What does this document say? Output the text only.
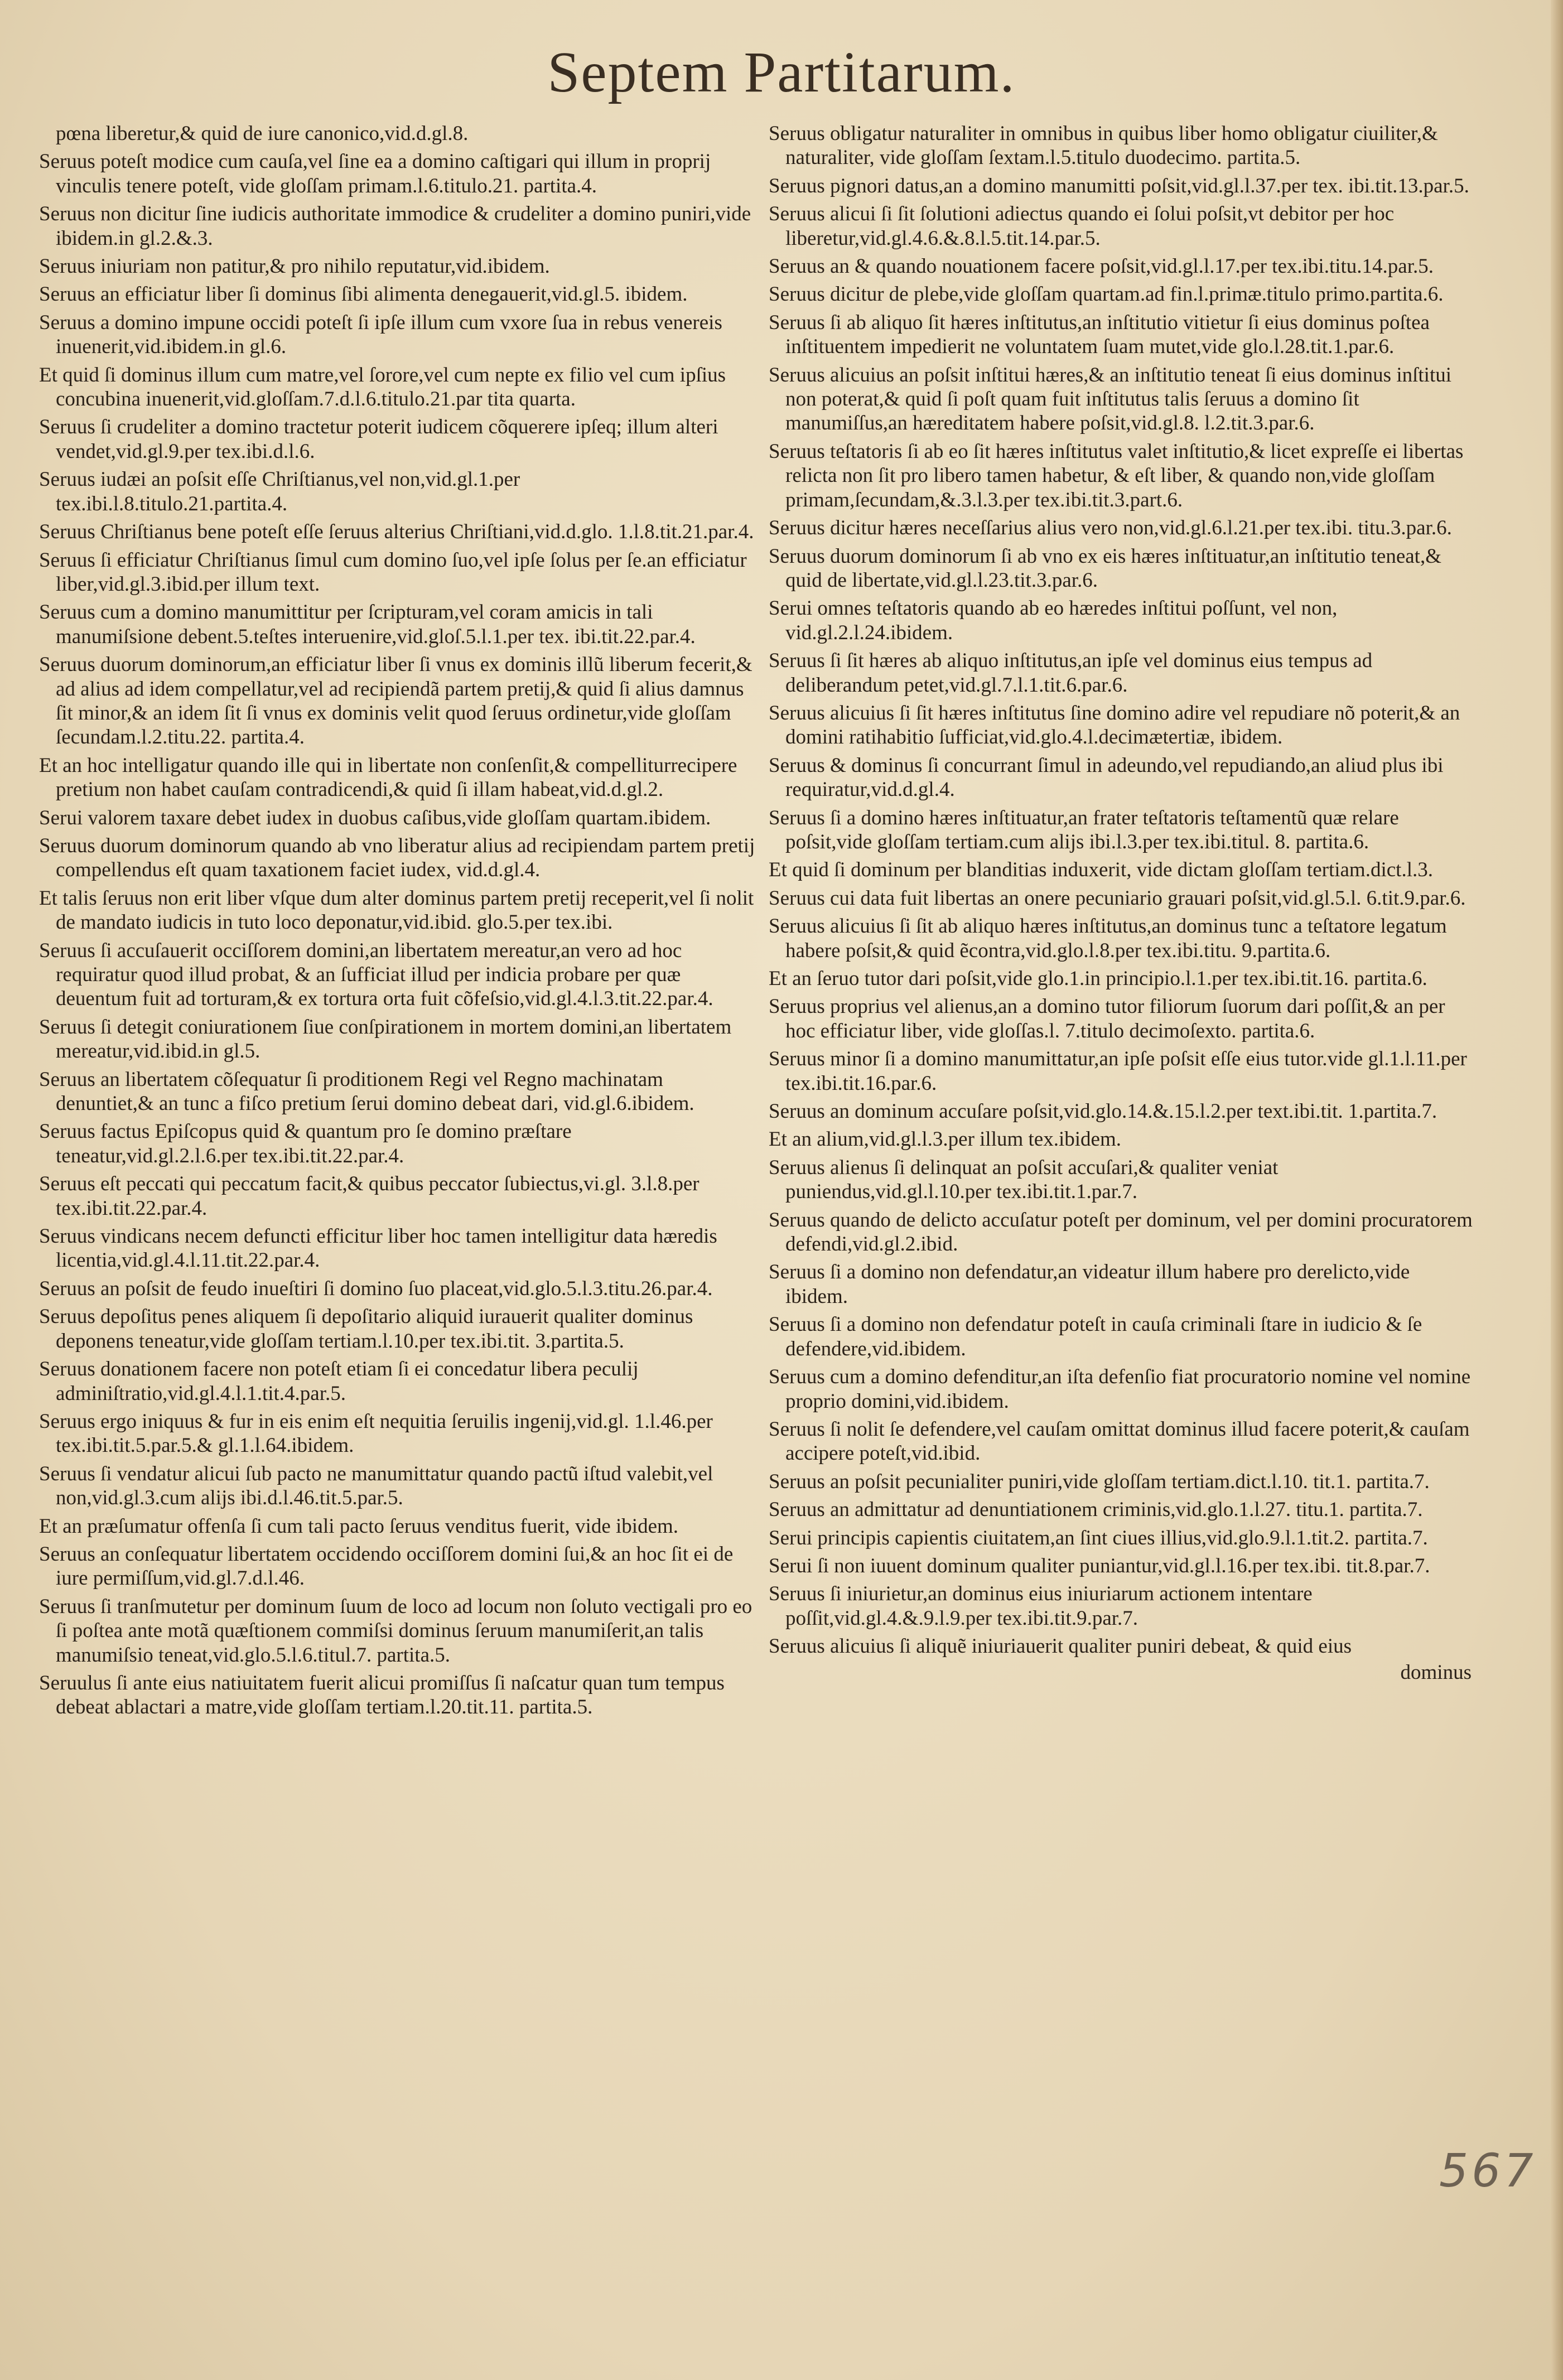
Septem Partitarum.
pœna liberetur,& quid de iure canonico,vid.d.gl.8.
Seruus poteſt modice cum cauſa,vel ſine ea a domino caſtigari qui illum in proprij vinculis tenere poteſt, vide gloſſam primam.l.6.titulo.21. partita.4.
Seruus non dicitur ſine iudicis authoritate immodice & crudeliter a domino puniri,vide ibidem.in gl.2.&.3.
Seruus iniuriam non patitur,& pro nihilo reputatur,vid.ibidem.
Seruus an efficiatur liber ſi dominus ſibi alimenta denegauerit,vid.gl.5. ibidem.
Seruus a domino impune occidi poteſt ſi ipſe illum cum vxore ſua in rebus venereis inuenerit,vid.ibidem.in gl.6.
Et quid ſi dominus illum cum matre,vel ſorore,vel cum nepte ex filio vel cum ipſius concubina inuenerit,vid.gloſſam.7.d.l.6.titulo.21.par tita quarta.
Seruus ſi crudeliter a domino tractetur poterit iudicem cõquerere ipſeq; illum alteri vendet,vid.gl.9.per tex.ibi.d.l.6.
Seruus iudæi an poſsit eſſe Chriſtianus,vel non,vid.gl.1.per tex.ibi.l.8.titulo.21.partita.4.
Seruus Chriſtianus bene poteſt eſſe ſeruus alterius Chriſtiani,vid.d.glo. 1.l.8.tit.21.par.4.
Seruus ſi efficiatur Chriſtianus ſimul cum domino ſuo,vel ipſe ſolus per ſe.an efficiatur liber,vid.gl.3.ibid.per illum text.
Seruus cum a domino manumittitur per ſcripturam,vel coram amicis in tali manumiſsione debent.5.teſtes interuenire,vid.gloſ.5.l.1.per tex. ibi.tit.22.par.4.
Seruus duorum dominorum,an efficiatur liber ſi vnus ex dominis illũ liberum fecerit,& ad alius ad idem compellatur,vel ad recipiendã partem pretij,& quid ſi alius damnus ſit minor,& an idem ſit ſi vnus ex dominis velit quod ſeruus ordinetur,vide gloſſam ſecundam.l.2.titu.22. partita.4.
Et an hoc intelligatur quando ille qui in libertate non conſenſit,& compelliturrecipere pretium non habet cauſam contradicendi,& quid ſi illam habeat,vid.d.gl.2.
Serui valorem taxare debet iudex in duobus caſibus,vide gloſſam quartam.ibidem.
Seruus duorum dominorum quando ab vno liberatur alius ad recipiendam partem pretij compellendus eſt quam taxationem faciet iudex, vid.d.gl.4.
Et talis ſeruus non erit liber vſque dum alter dominus partem pretij receperit,vel ſi nolit de mandato iudicis in tuto loco deponatur,vid.ibid. glo.5.per tex.ibi.
Seruus ſi accuſauerit occiſſorem domini,an libertatem mereatur,an vero ad hoc requiratur quod illud probat, & an ſufficiat illud per indicia probare per quæ deuentum fuit ad torturam,& ex tortura orta fuit cõfeſsio,vid.gl.4.l.3.tit.22.par.4.
Seruus ſi detegit coniurationem ſiue conſpirationem in mortem domini,an libertatem mereatur,vid.ibid.in gl.5.
Seruus an libertatem cõſequatur ſi proditionem Regi vel Regno machinatam denuntiet,& an tunc a fiſco pretium ſerui domino debeat dari, vid.gl.6.ibidem.
Seruus factus Epiſcopus quid & quantum pro ſe domino præſtare teneatur,vid.gl.2.l.6.per tex.ibi.tit.22.par.4.
Seruus eſt peccati qui peccatum facit,& quibus peccator ſubiectus,vi.gl. 3.l.8.per tex.ibi.tit.22.par.4.
Seruus vindicans necem defuncti efficitur liber hoc tamen intelligitur data hæredis licentia,vid.gl.4.l.11.tit.22.par.4.
Seruus an poſsit de feudo inueſtiri ſi domino ſuo placeat,vid.glo.5.l.3.titu.26.par.4.
Seruus depoſitus penes aliquem ſi depoſitario aliquid iurauerit qualiter dominus deponens teneatur,vide gloſſam tertiam.l.10.per tex.ibi.tit. 3.partita.5.
Seruus donationem facere non poteſt etiam ſi ei concedatur libera peculij adminiſtratio,vid.gl.4.l.1.tit.4.par.5.
Seruus ergo iniquus & fur in eis enim eſt nequitia ſeruilis ingenij,vid.gl. 1.l.46.per tex.ibi.tit.5.par.5.& gl.1.l.64.ibidem.
Seruus ſi vendatur alicui ſub pacto ne manumittatur quando pactũ iſtud valebit,vel non,vid.gl.3.cum alijs ibi.d.l.46.tit.5.par.5.
Et an præſumatur offenſa ſi cum tali pacto ſeruus venditus fuerit, vide ibidem.
Seruus an conſequatur libertatem occidendo occiſſorem domini ſui,& an hoc ſit ei de iure permiſſum,vid.gl.7.d.l.46.
Seruus ſi tranſmutetur per dominum ſuum de loco ad locum non ſoluto vectigali pro eo ſi poſtea ante motã quæſtionem commiſsi dominus ſeruum manumiſerit,an talis manumiſsio teneat,vid.glo.5.l.6.titul.7. partita.5.
Seruulus ſi ante eius natiuitatem fuerit alicui promiſſus ſi naſcatur quan tum tempus debeat ablactari a matre,vide gloſſam tertiam.l.20.tit.11. partita.5.
Seruus obligatur naturaliter in omnibus in quibus liber homo obligatur ciuiliter,& naturaliter, vide gloſſam ſextam.l.5.titulo duodecimo. partita.5.
Seruus pignori datus,an a domino manumitti poſsit,vid.gl.l.37.per tex. ibi.tit.13.par.5.
Seruus alicui ſi ſit ſolutioni adiectus quando ei ſolui poſsit,vt debitor per hoc liberetur,vid.gl.4.6.&.8.l.5.tit.14.par.5.
Seruus an & quando nouationem facere poſsit,vid.gl.l.17.per tex.ibi.titu.14.par.5.
Seruus dicitur de plebe,vide gloſſam quartam.ad fin.l.primæ.titulo primo.partita.6.
Seruus ſi ab aliquo ſit hæres inſtitutus,an inſtitutio vitietur ſi eius dominus poſtea inſtituentem impedierit ne voluntatem ſuam mutet,vide glo.l.28.tit.1.par.6.
Seruus alicuius an poſsit inſtitui hæres,& an inſtitutio teneat ſi eius dominus inſtitui non poterat,& quid ſi poſt quam fuit inſtitutus talis ſeruus a domino ſit manumiſſus,an hæreditatem habere poſsit,vid.gl.8. l.2.tit.3.par.6.
Seruus teſtatoris ſi ab eo ſit hæres inſtitutus valet inſtitutio,& licet expreſſe ei libertas relicta non ſit pro libero tamen habetur, & eſt liber, & quando non,vide gloſſam primam,ſecundam,&.3.l.3.per tex.ibi.tit.3.part.6.
Seruus dicitur hæres neceſſarius alius vero non,vid.gl.6.l.21.per tex.ibi. titu.3.par.6.
Seruus duorum dominorum ſi ab vno ex eis hæres inſtituatur,an inſtitutio teneat,& quid de libertate,vid.gl.l.23.tit.3.par.6.
Serui omnes teſtatoris quando ab eo hæredes inſtitui poſſunt, vel non, vid.gl.2.l.24.ibidem.
Seruus ſi ſit hæres ab aliquo inſtitutus,an ipſe vel dominus eius tempus ad deliberandum petet,vid.gl.7.l.1.tit.6.par.6.
Seruus alicuius ſi ſit hæres inſtitutus ſine domino adire vel repudiare nõ poterit,& an domini ratihabitio ſufficiat,vid.glo.4.l.decimætertiæ, ibidem.
Seruus & dominus ſi concurrant ſimul in adeundo,vel repudiando,an aliud plus ibi requiratur,vid.d.gl.4.
Seruus ſi a domino hæres inſtituatur,an frater teſtatoris teſtamentũ quæ relare poſsit,vide gloſſam tertiam.cum alijs ibi.l.3.per tex.ibi.titul. 8. partita.6.
Et quid ſi dominum per blanditias induxerit, vide dictam gloſſam tertiam.dict.l.3.
Seruus cui data fuit libertas an onere pecuniario grauari poſsit,vid.gl.5.l. 6.tit.9.par.6.
Seruus alicuius ſi ſit ab aliquo hæres inſtitutus,an dominus tunc a teſtatore legatum habere poſsit,& quid ẽcontra,vid.glo.l.8.per tex.ibi.titu. 9.partita.6.
Et an ſeruo tutor dari poſsit,vide glo.1.in principio.l.1.per tex.ibi.tit.16. partita.6.
Seruus proprius vel alienus,an a domino tutor filiorum ſuorum dari poſſit,& an per hoc efficiatur liber, vide gloſſas.l. 7.titulo decimoſexto. partita.6.
Seruus minor ſi a domino manumittatur,an ipſe poſsit eſſe eius tutor.vide gl.1.l.11.per tex.ibi.tit.16.par.6.
Seruus an dominum accuſare poſsit,vid.glo.14.&.15.l.2.per text.ibi.tit. 1.partita.7.
Et an alium,vid.gl.l.3.per illum tex.ibidem.
Seruus alienus ſi delinquat an poſsit accuſari,& qualiter veniat puniendus,vid.gl.l.10.per tex.ibi.tit.1.par.7.
Seruus quando de delicto accuſatur poteſt per dominum, vel per domini procuratorem defendi,vid.gl.2.ibid.
Seruus ſi a domino non defendatur,an videatur illum habere pro derelicto,vide ibidem.
Seruus ſi a domino non defendatur poteſt in cauſa criminali ſtare in iudicio & ſe defendere,vid.ibidem.
Seruus cum a domino defenditur,an iſta defenſio fiat procuratorio nomine vel nomine proprio domini,vid.ibidem.
Seruus ſi nolit ſe defendere,vel cauſam omittat dominus illud facere poterit,& cauſam accipere poteſt,vid.ibid.
Seruus an poſsit pecunialiter puniri,vide gloſſam tertiam.dict.l.10. tit.1. partita.7.
Seruus an admittatur ad denuntiationem criminis,vid.glo.1.l.27. titu.1. partita.7.
Serui principis capientis ciuitatem,an ſint ciues illius,vid.glo.9.l.1.tit.2. partita.7.
Serui ſi non iuuent dominum qualiter puniantur,vid.gl.l.16.per tex.ibi. tit.8.par.7.
Seruus ſi iniurietur,an dominus eius iniuriarum actionem intentare poſſit,vid.gl.4.&.9.l.9.per tex.ibi.tit.9.par.7.
Seruus alicuius ſi aliquẽ iniuriauerit qualiter puniri debeat, & quid eius
dominus
567
